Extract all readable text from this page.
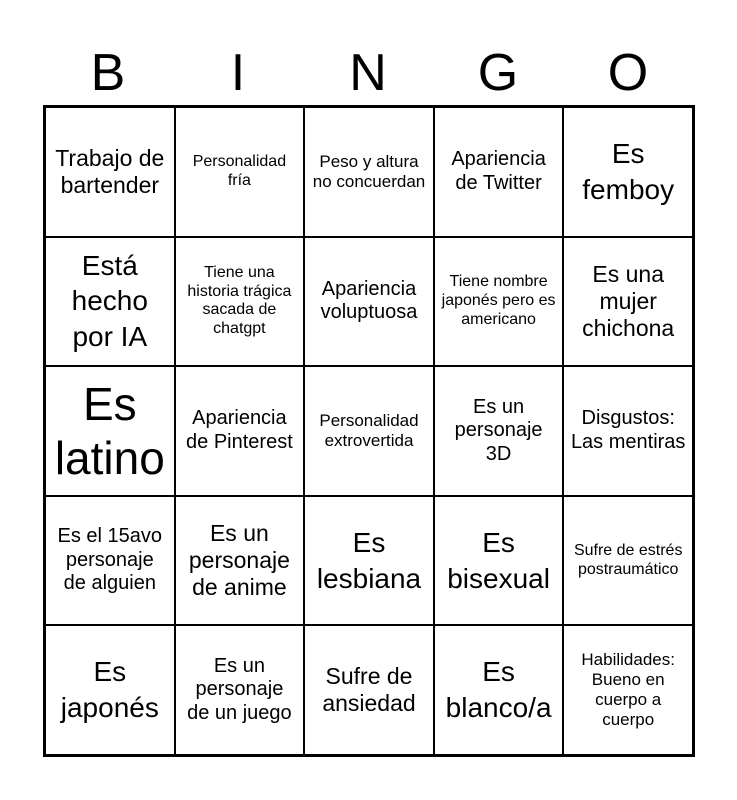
B	I	N	G	O
Trabajo de bartender
Personalidad fría
Peso y altura no concuerdan
Apariencia de Twitter
Es femboy
Está hecho por IA
Tiene una historia trágica sacada de chatgpt
Apariencia voluptuosa
Tiene nombre japonés pero es americano
Es una mujer chichona
Es latino
Apariencia de Pinterest
Personalidad extrovertida
Es un personaje 3D
Disgustos: Las mentiras
Es el 15avo personaje de alguien
Es un personaje de anime
Es lesbiana
Es bisexual
Sufre de estrés postraumático
Es japonés
Es un personaje de un juego
Sufre de ansiedad
Es blanco/a
Habilidades: Bueno en cuerpo a cuerpo
